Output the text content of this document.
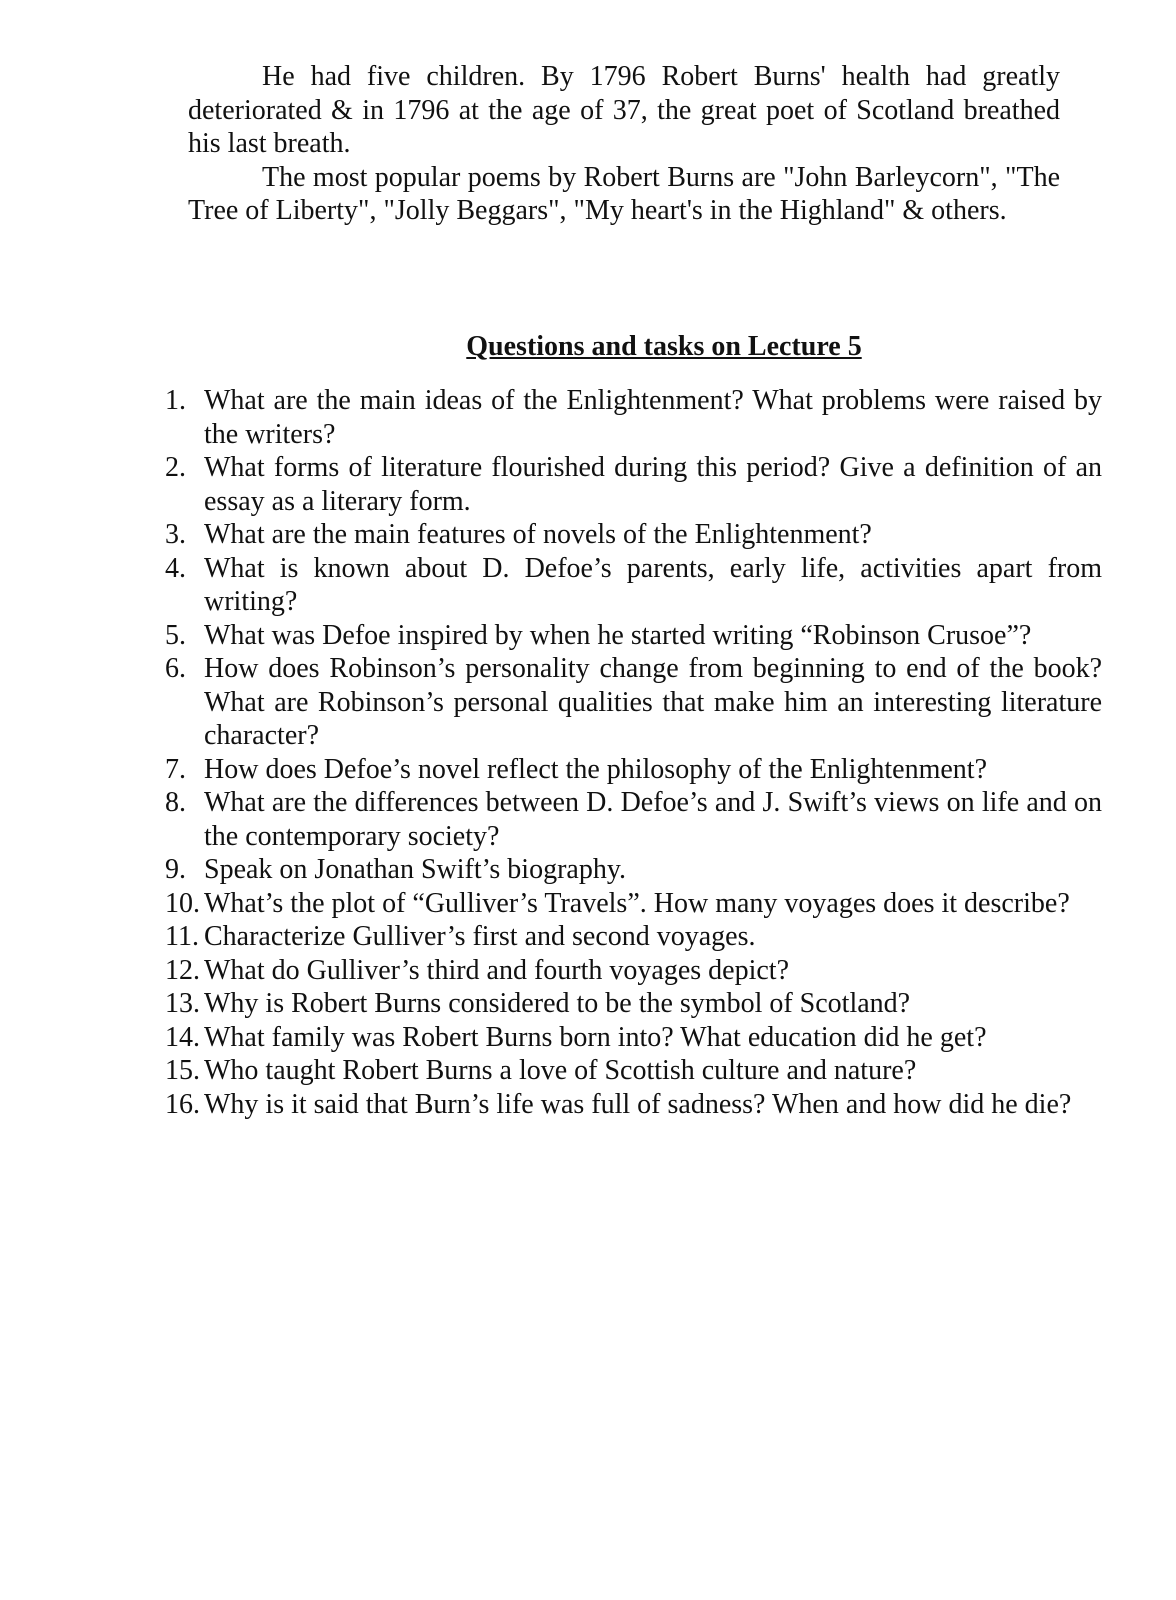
He had five children. By 1796 Robert Burns' health had greatly deteriorated & in 1796 at the age of 37, the great poet of Scotland breathed his last breath.

The most popular poems by Robert Burns are "John Barleycorn", "The Tree of Liberty", "Jolly Beggars", "My heart's in the Highland" & others.

Questions and tasks on Lecture 5
1. What are the main ideas of the Enlightenment? What problems were raised by the writers?
2. What forms of literature flourished during this period? Give a definition of an essay as a literary form.
3. What are the main features of novels of the Enlightenment?
4. What is known about D. Defoe’s parents, early life, activities apart from writing?
5. What was Defoe inspired by when he started writing “Robinson Crusoe”?
6. How does Robinson’s personality change from beginning to end of the book? What are Robinson’s personal qualities that make him an interesting literature character?
7. How does Defoe’s novel reflect the philosophy of the Enlightenment?
8. What are the differences between D. Defoe’s and J. Swift’s views on life and on the contemporary society?
9. Speak on Jonathan Swift’s biography.
10. What’s the plot of “Gulliver’s Travels”. How many voyages does it describe?
11. Characterize Gulliver’s first and second voyages.
12. What do Gulliver’s third and fourth voyages depict?
13. Why is Robert Burns considered to be the symbol of Scotland?
14. What family was Robert Burns born into? What education did he get?
15. Who taught Robert Burns a love of Scottish culture and nature?
16. Why is it said that Burn’s life was full of sadness? When and how did he die?
